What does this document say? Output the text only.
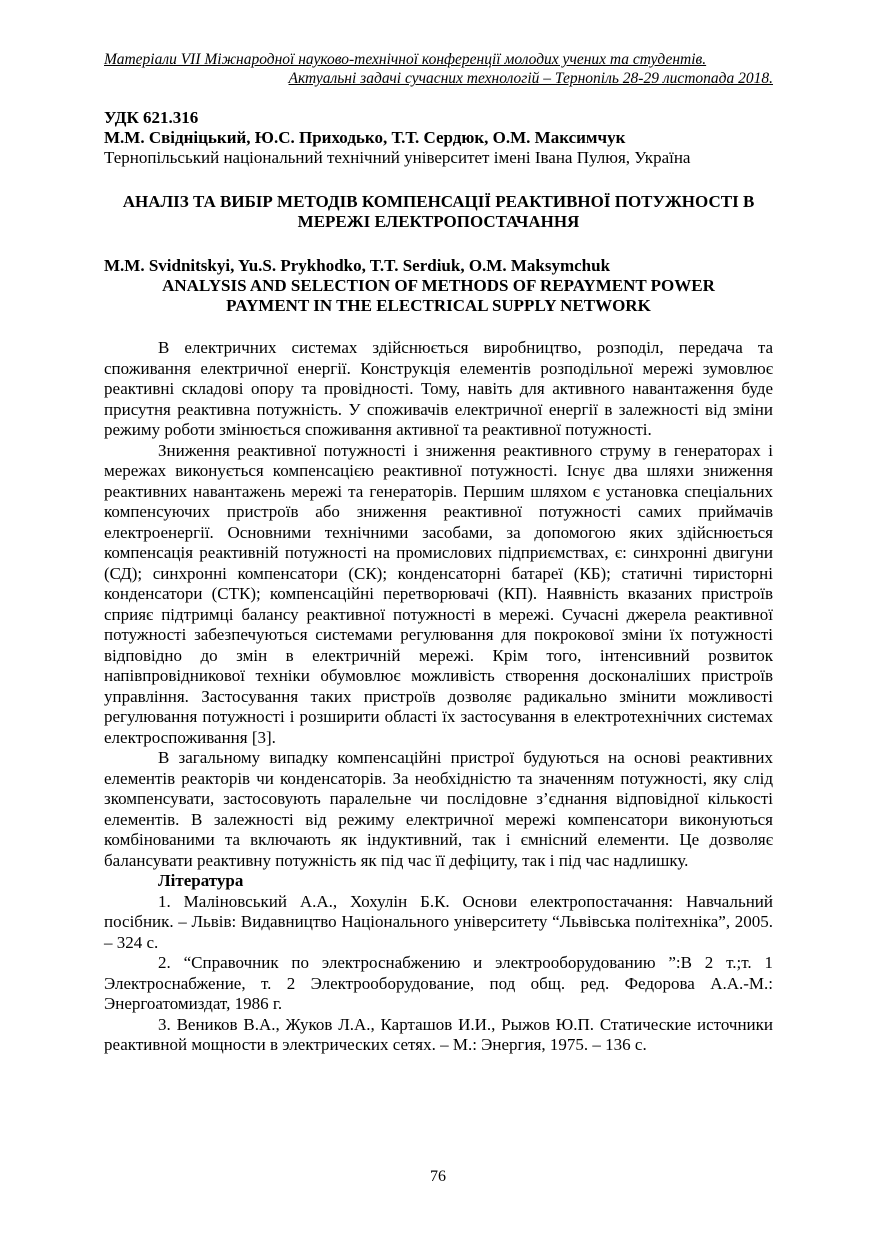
Матеріали VII Міжнародної науково-технічної конференції молодих учених та студентів.
Актуальні задачі сучасних технологій – Тернопіль 28-29 листопада 2018.
УДК 621.316
М.М. Свідніцький, Ю.С. Приходько, Т.Т. Сердюк, О.М. Максимчук
Тернопільський національний технічний університет імені Івана Пулюя, Україна
АНАЛІЗ ТА ВИБІР МЕТОДІВ КОМПЕНСАЦІЇ РЕАКТИВНОЇ ПОТУЖНОСТІ В
МЕРЕЖІ ЕЛЕКТРОПОСТАЧАННЯ
M.M. Svidnitskyi, Yu.S. Prykhodko, T.T. Serdiuk, O.M. Maksymchuk
ANALYSIS AND SELECTION OF METHODS OF REPAYMENT POWER
PAYMENT IN THE ELECTRICAL SUPPLY NETWORK

В електричних системах здійснюється виробництво, розподіл, передача та споживання електричної енергії. Конструкція елементів розподільної мережі зумовлює реактивні складові опору та провідності. Тому, навіть для активного навантаження буде присутня реактивна потужність. У споживачів електричної енергії в залежності від зміни режиму роботи змінюється споживання активної та реактивної потужності.

Зниження реактивної потужності і зниження реактивного струму в генераторах і мережах виконується компенсацією реактивної потужності. Існує два шляхи зниження реактивних навантажень мережі та генераторів. Першим шляхом є установка спеціальних компенсуючих пристроїв або зниження реактивної потужності самих приймачів електроенергії. Основними технічними засобами, за допомогою яких здійснюється компенсація реактивній потужності на промислових підприємствах, є: синхронні двигуни (СД); синхронні компенсатори (СК); конденсаторні батареї (КБ); статичні тиристорні конденсатори (СТК); компенсаційні перетворювачі (КП). Наявність вказаних пристроїв сприяє підтримці балансу реактивної потужності в мережі. Сучасні джерела реактивної потужності забезпечуються системами регулювання для покрокової зміни їх потужності відповідно до змін в електричній мережі. Крім того, інтенсивний розвиток напівпровідникової техніки обумовлює можливість створення досконаліших пристроїв управління. Застосування таких пристроїв дозволяє радикально змінити можливості регулювання потужності і розширити області їх застосування в електротехнічних системах електроспоживання [3].

В загальному випадку компенсаційні пристрої будуються на основі реактивних елементів реакторів чи конденсаторів. За необхідністю та значенням потужності, яку слід зкомпенсувати, застосовують паралельне чи послідовне з’єднання відповідної кількості елементів. В залежності від режиму електричної мережі компенсатори виконуються комбінованими та включають як індуктивний, так і ємнісний елементи. Це дозволяє балансувати реактивну потужність як під час її дефіциту, так і під час надлишку.

Література

1. Маліновський А.А., Хохулін Б.К. Основи електропостачання: Навчальний посібник. – Львів: Видавництво Національного університету “Львівська політехніка”, 2005. – 324 с.

2. “Справочник по электроснабжению и электрооборудованию ”:В 2 т.;т. 1 Электроснабжение, т. 2 Электрооборудование, под общ. ред. Федорова А.А.-М.: Энергоатомиздат, 1986 г.

3. Веников В.А., Жуков Л.А., Карташов И.И., Рыжов Ю.П. Статические источники реактивной мощности в электрических сетях. – М.: Энергия, 1975. – 136 с.

76
